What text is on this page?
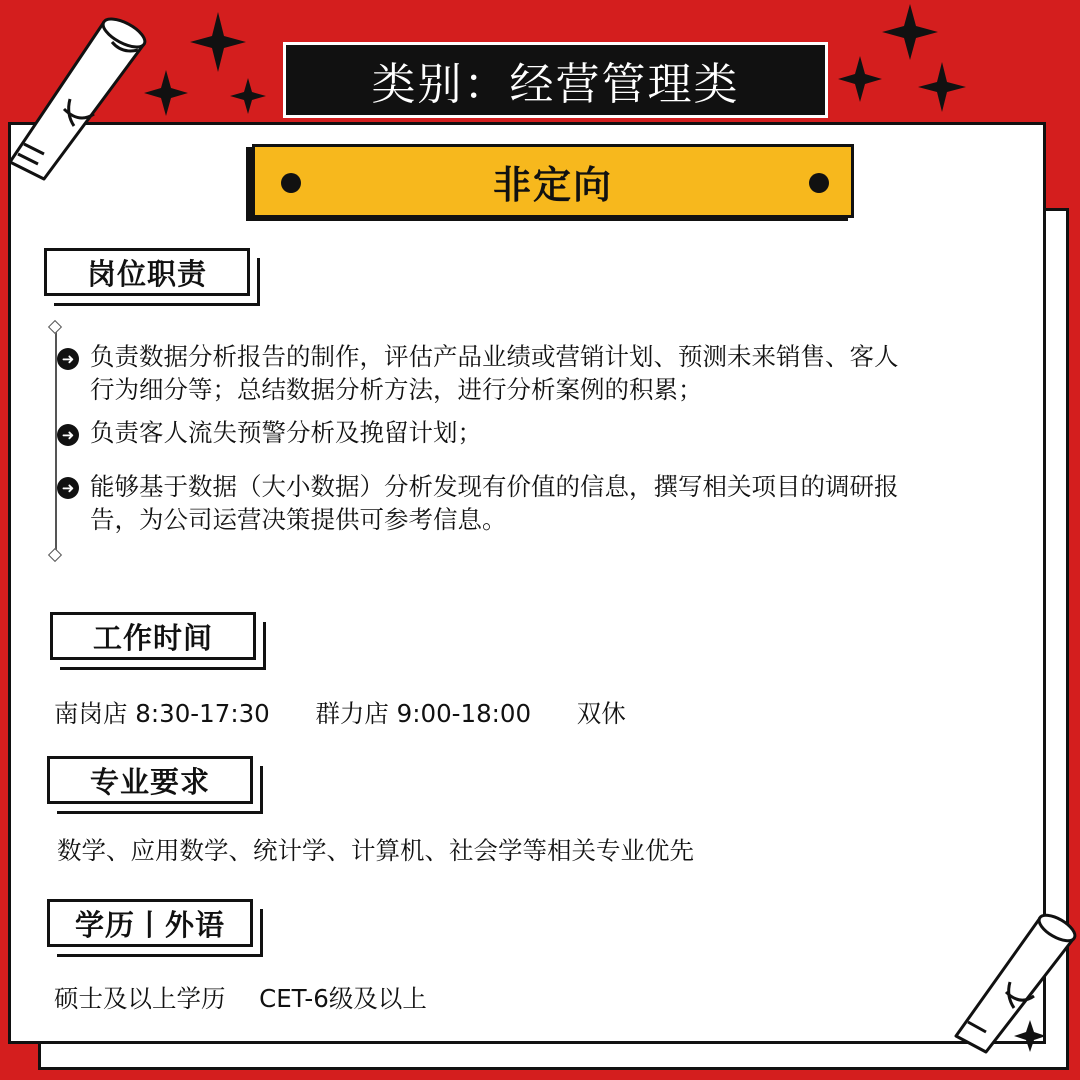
类别：经营管理类
非定向
岗位职责
➜ 负责数据分析报告的制作，评估产品业绩或营销计划、预测未来销售、客人
行为细分等；总结数据分析方法，进行分析案例的积累；
➜ 负责客人流失预警分析及挽留计划；
➜ 能够基于数据（大小数据）分析发现有价值的信息，撰写相关项目的调研报
告，为公司运营决策提供可参考信息。
工作时间
南岗店 8:30-17:30 群力店 9:00-18:00 双休
专业要求
数学、应用数学、统计学、计算机、社会学等相关专业优先
学历丨外语
硕士及以上学历 CET-6级及以上
